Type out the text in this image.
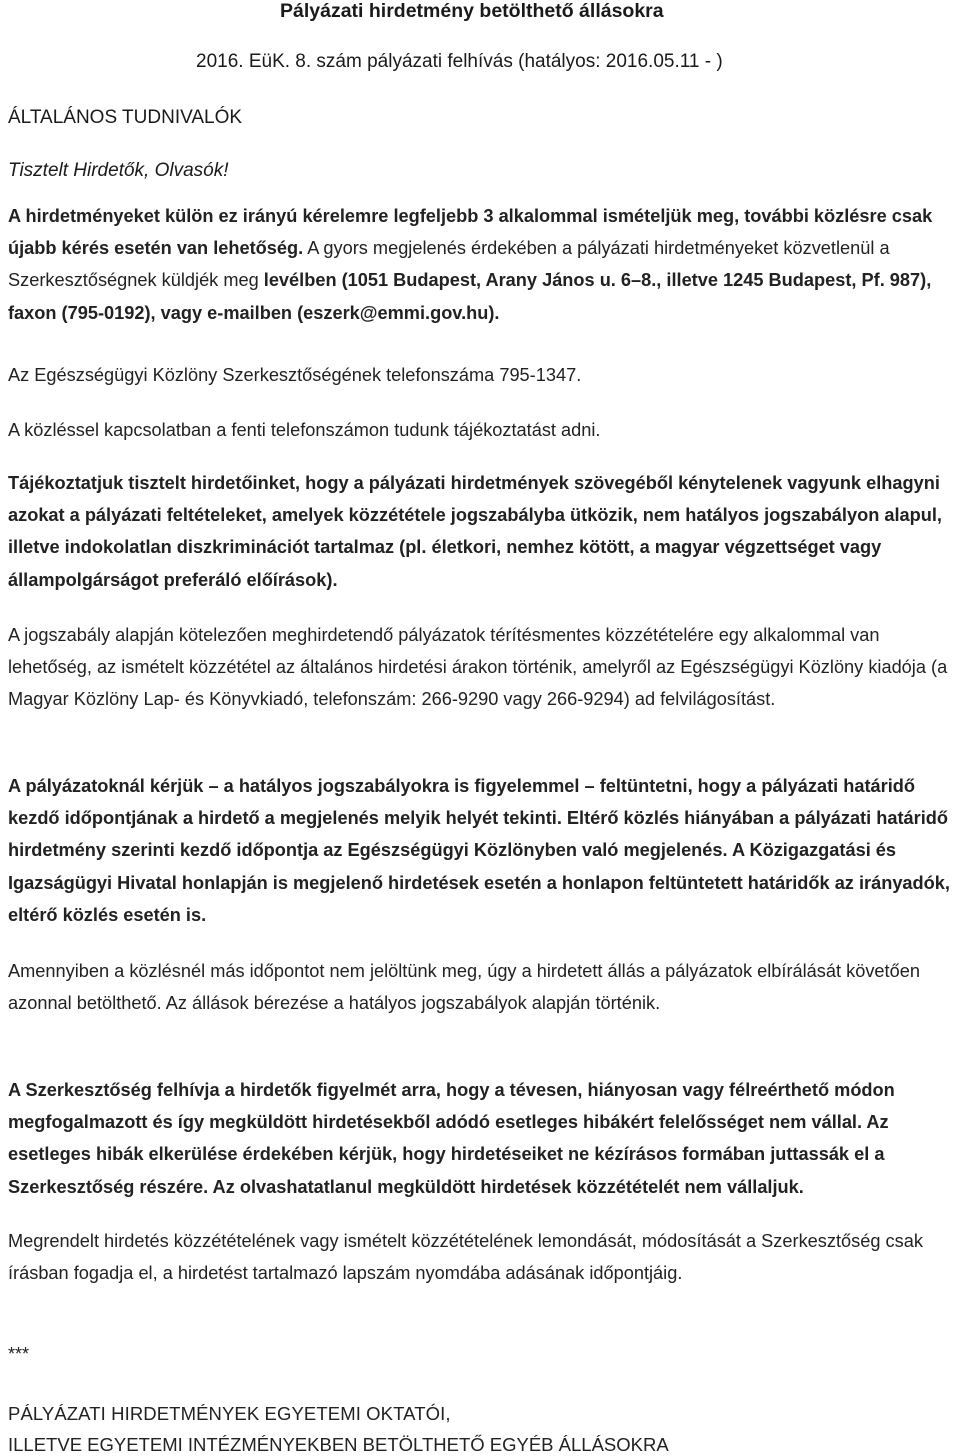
Pályázati hirdetmény betölthető állásokra
2016. EüK. 8. szám pályázati felhívás (hatályos: 2016.05.11 - )
ÁLTALÁNOS TUDNIVALÓK
Tisztelt Hirdetők, Olvasók!
A hirdetményeket külön ez irányú kérelemre legfeljebb 3 alkalommal ismételjük meg, további közlésre csak újabb kérés esetén van lehetőség. A gyors megjelenés érdekében a pályázati hirdetményeket közvetlenül a Szerkesztőségnek küldjék meg levélben (1051 Budapest, Arany János u. 6–8., illetve 1245 Budapest, Pf. 987), faxon (795-0192), vagy e-mailben (eszerk@emmi.gov.hu).
Az Egészségügyi Közlöny Szerkesztőségének telefonszáma 795-1347.
A közléssel kapcsolatban a fenti telefonszámon tudunk tájékoztatást adni.
Tájékoztatjuk tisztelt hirdetőinket, hogy a pályázati hirdetmények szövegéből kénytelenek vagyunk elhagyni azokat a pályázati feltételeket, amelyek közzététele jogszabályba ütközik, nem hatályos jogszabályon alapul, illetve indokolatlan diszkriminációt tartalmaz (pl. életkori, nemhez kötött, a magyar végzettséget vagy állampolgárságot preferáló előírások).
A jogszabály alapján kötelezően meghirdetendő pályázatok térítésmentes közzétételére egy alkalommal van lehetőség, az ismételt közzététel az általános hirdetési árakon történik, amelyről az Egészségügyi Közlöny kiadója (a Magyar Közlöny Lap- és Könyvkiadó, telefonszám: 266-9290 vagy 266-9294) ad felvilágosítást.
A pályázatoknál kérjük – a hatályos jogszabályokra is figyelemmel – feltüntetni, hogy a pályázati határidő kezdő időpontjának a hirdető a megjelenés melyik helyét tekinti. Eltérő közlés hiányában a pályázati határidő hirdetmény szerinti kezdő időpontja az Egészségügyi Közlönyben való megjelenés. A Közigazgatási és Igazságügyi Hivatal honlapján is megjelenő hirdetések esetén a honlapon feltüntetett határidők az irányadók, eltérő közlés esetén is.
Amennyiben a közlésnél más időpontot nem jelöltünk meg, úgy a hirdetett állás a pályázatok elbírálását követően azonnal betölthető. Az állások bérezése a hatályos jogszabályok alapján történik.
A Szerkesztőség felhívja a hirdetők figyelmét arra, hogy a tévesen, hiányosan vagy félreérthető módon megfogalmazott és így megküldött hirdetésekből adódó esetleges hibákért felelősséget nem vállal. Az esetleges hibák elkerülése érdekében kérjük, hogy hirdetéseiket ne kézírásos formában juttassák el a Szerkesztőség részére. Az olvashatatlanul megküldött hirdetések közzétételét nem vállaljuk.
Megrendelt hirdetés közzétételének vagy ismételt közzétételének lemondását, módosítását a Szerkesztőség csak írásban fogadja el, a hirdetést tartalmazó lapszám nyomdába adásának időpontjáig.
***
PÁLYÁZATI HIRDETMÉNYEK EGYETEMI OKTATÓI,
ILLETVE EGYETEMI INTÉZMÉNYEKBEN BETÖLTHETŐ EGYÉB ÁLLÁSOKRA
